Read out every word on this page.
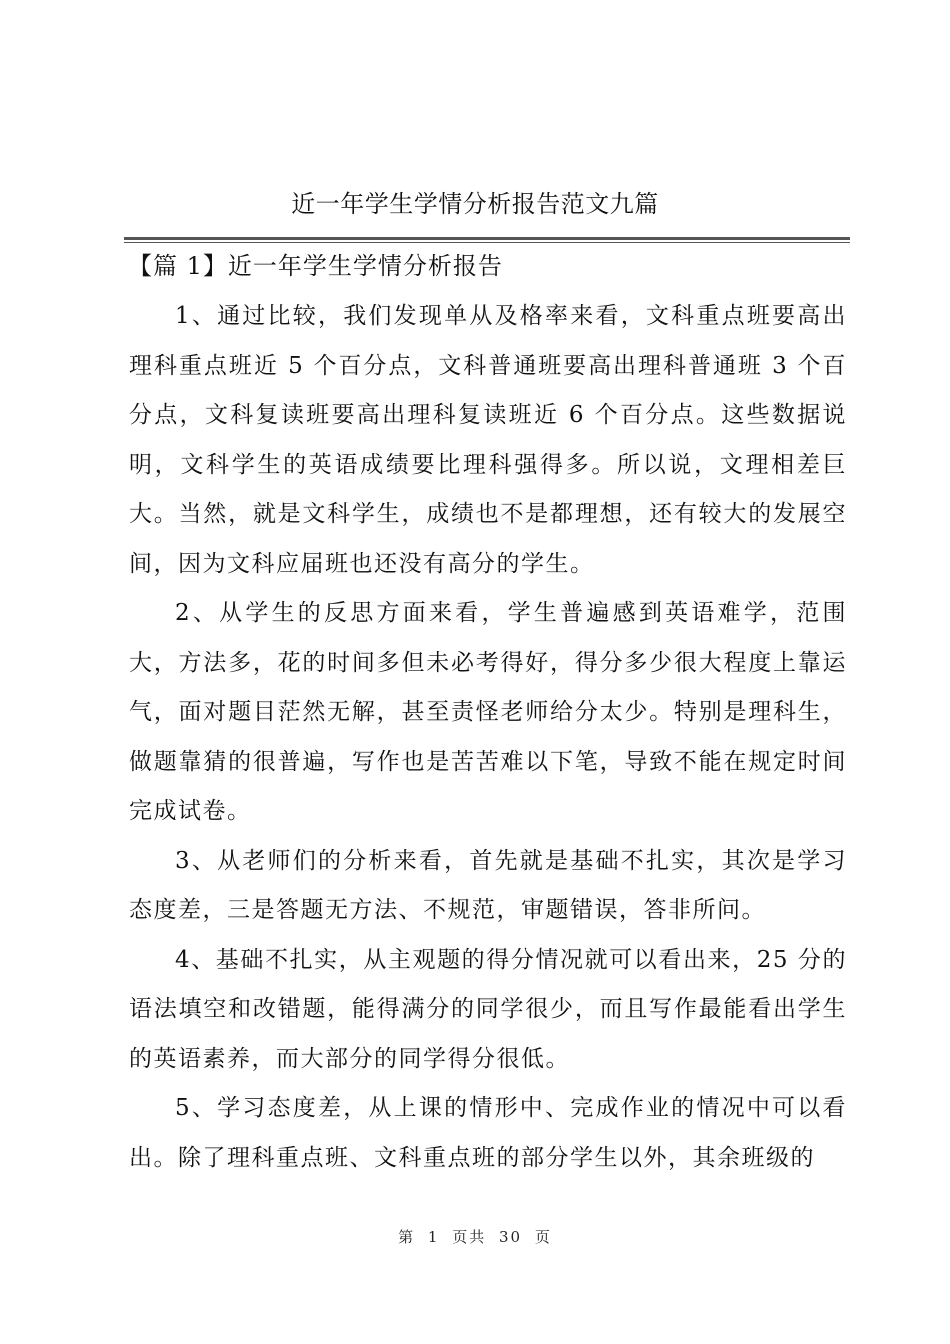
近一年学生学情分析报告范文九篇
【篇 1】近一年学生学情分析报告

1、通过比较，我们发现单从及格率来看，文科重点班要高出理科重点班近 5 个百分点，文科普通班要高出理科普通班 3 个百分点，文科复读班要高出理科复读班近 6 个百分点。这些数据说明，文科学生的英语成绩要比理科强得多。所以说，文理相差巨大。当然，就是文科学生，成绩也不是都理想，还有较大的发展空间，因为文科应届班也还没有高分的学生。

2、从学生的反思方面来看，学生普遍感到英语难学，范围大，方法多，花的时间多但未必考得好，得分多少很大程度上靠运气，面对题目茫然无解，甚至责怪老师给分太少。特别是理科生，做题靠猜的很普遍，写作也是苦苦难以下笔，导致不能在规定时间完成试卷。

3、从老师们的分析来看，首先就是基础不扎实，其次是学习态度差，三是答题无方法、不规范，审题错误，答非所问。

4、基础不扎实，从主观题的得分情况就可以看出来，25 分的语法填空和改错题，能得满分的同学很少，而且写作最能看出学生的英语素养，而大部分的同学得分很低。

5、学习态度差，从上课的情形中、完成作业的情况中可以看出。除了理科重点班、文科重点班的部分学生以外，其余班级的

第 1 页共 30 页
